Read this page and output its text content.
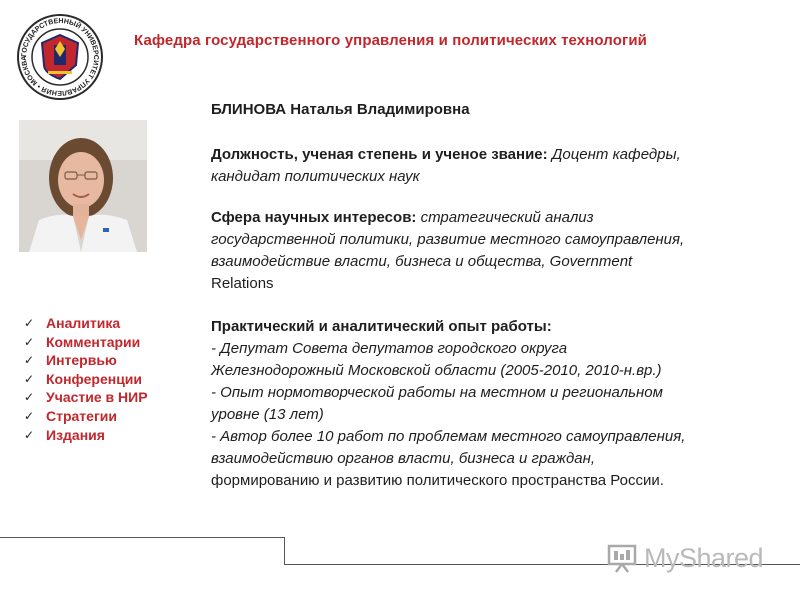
ГОСУДАРСТВЕННЫЙ УНИВЕРСИТЕТ УПРАВЛЕНИЯ • МОСКВА
Кафедра государственного управления и политических технологий
БЛИНОВА Наталья Владимировна
Должность, ученая степень и ученое звание: Доцент кафедры,
кандидат политических наук
Сфера научных интересов: стратегический анализ
государственной политики, развитие местного самоуправления,
взаимодействие власти, бизнеса и общества, Government
Relations
Практический и аналитический опыт работы:
- Депутат Совета депутатов городского округа
Железнодорожный Московской области (2005-2010, 2010-н.вр.)
- Опыт нормотворческой работы на местном и региональном
уровне (13 лет)
- Автор более 10 работ по проблемам местного самоуправления,
взаимодействию органов власти, бизнеса и граждан,
формированию и развитию политического пространства России.
✓ Аналитика
✓ Комментарии
✓ Интервью
✓ Конференции
✓ Участие в НИР
✓ Стратегии
✓ Издания
MyShared
